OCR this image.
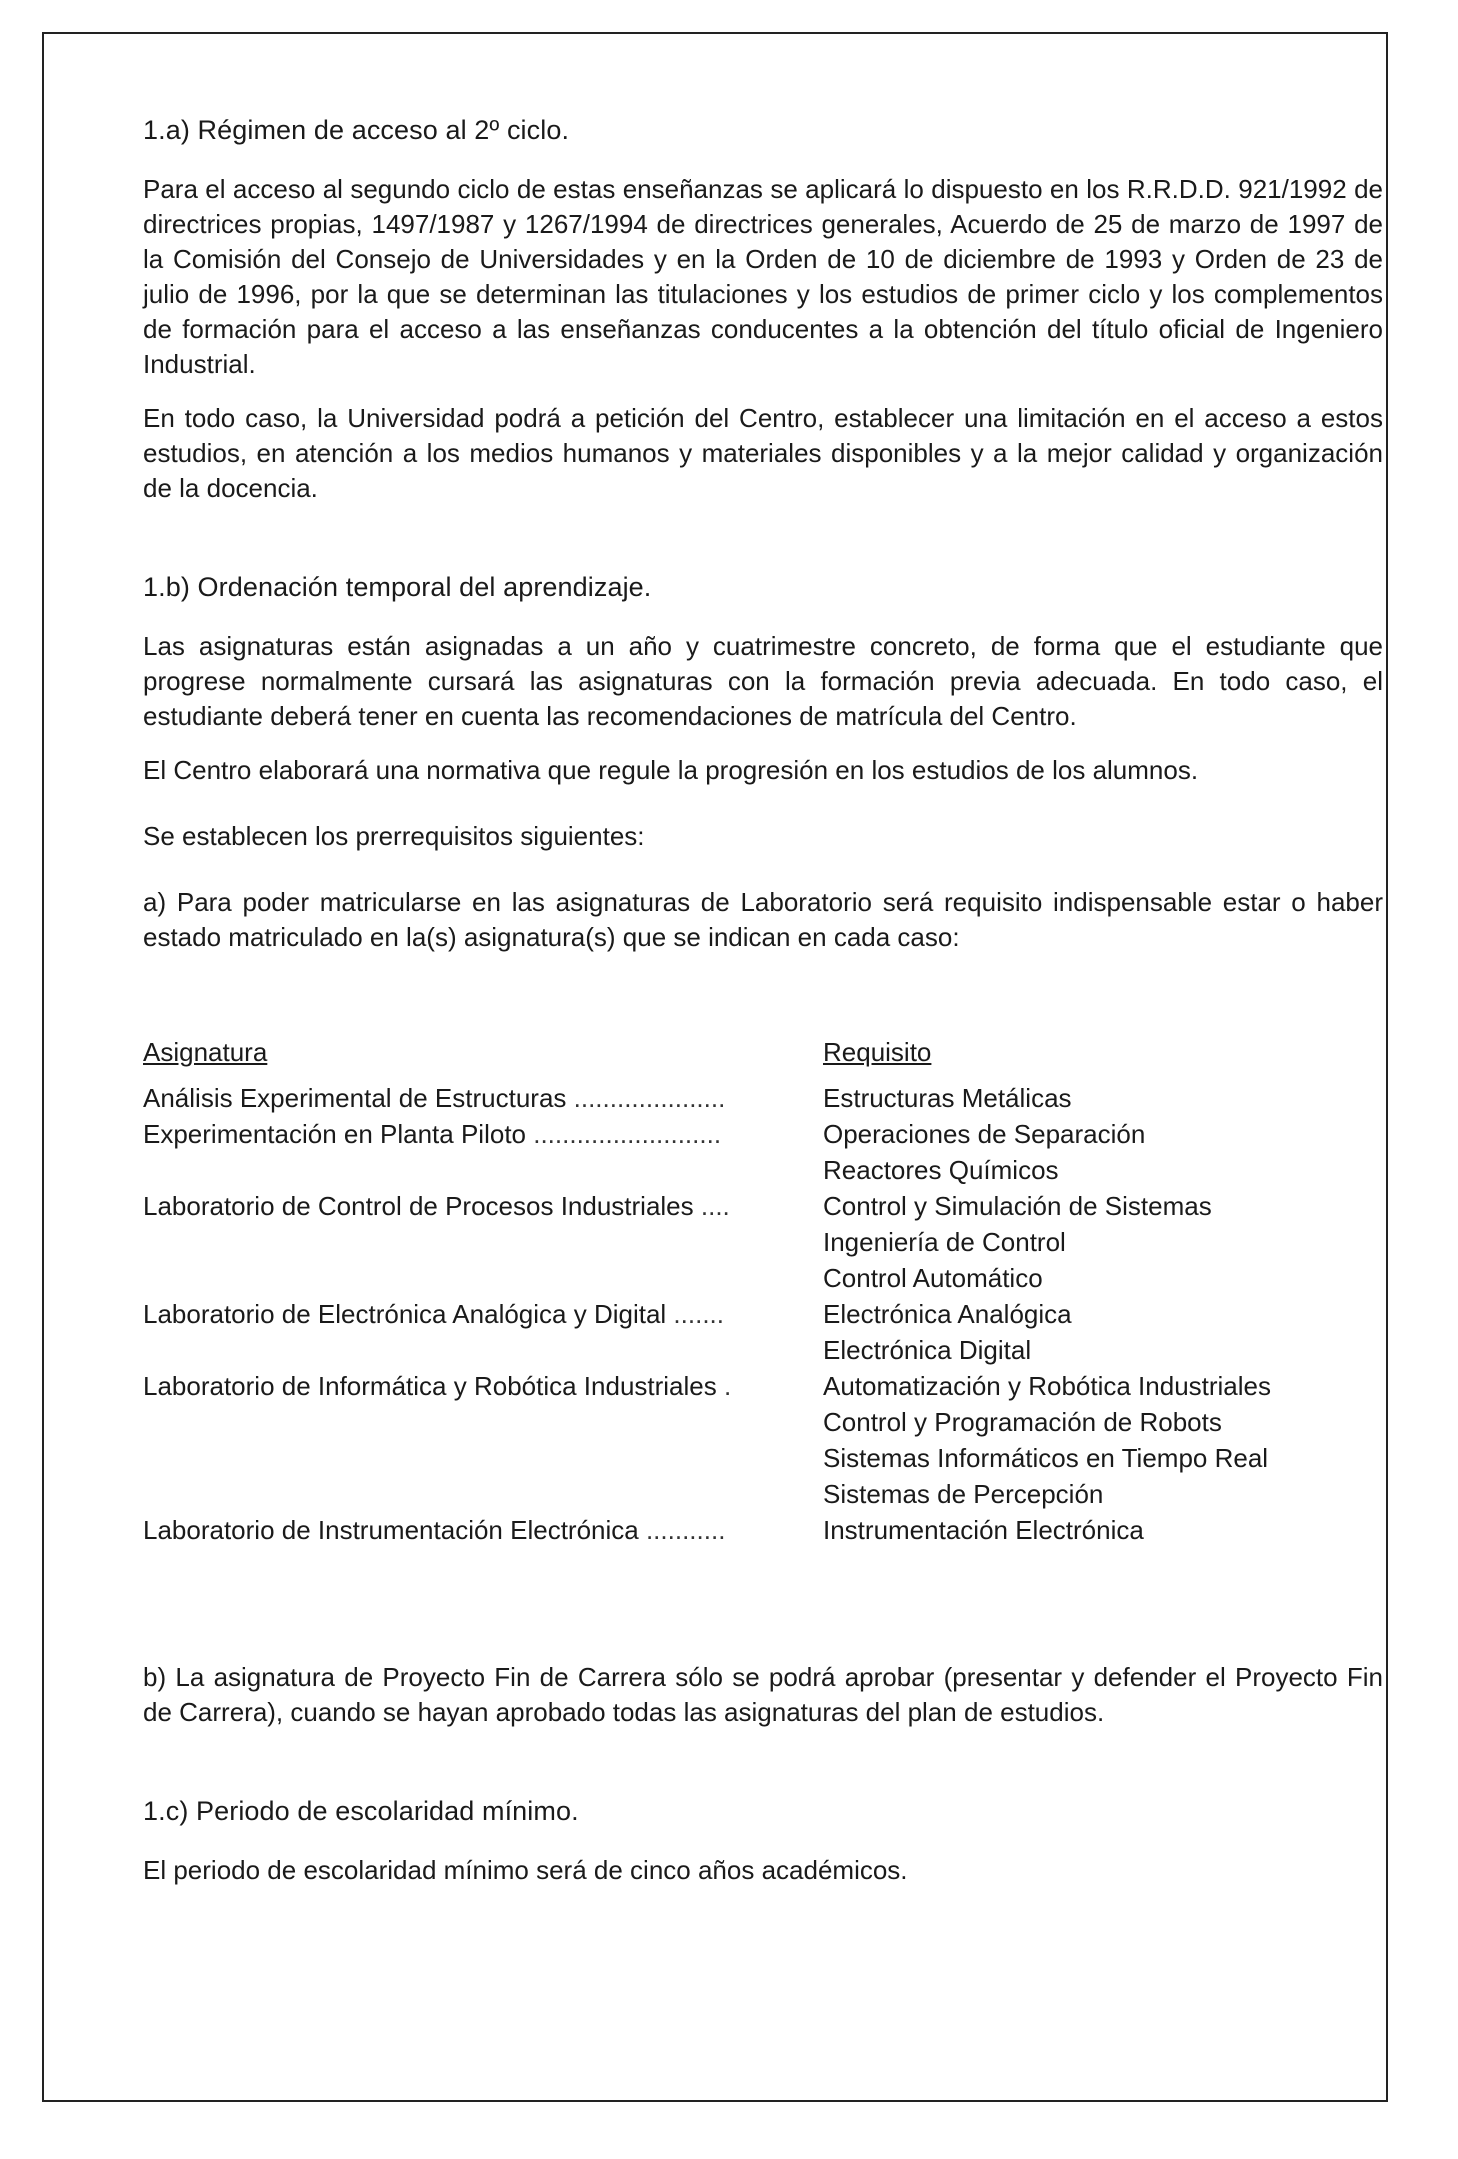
1.a) Régimen de acceso al 2º ciclo.

Para el acceso al segundo ciclo de estas enseñanzas se aplicará lo dispuesto en los R.R.D.D. 921/1992 de directrices propias, 1497/1987 y 1267/1994 de directrices generales, Acuerdo de 25 de marzo de 1997 de la Comisión del Consejo de Universidades y en la Orden de 10 de diciembre de 1993 y Orden de 23 de julio de 1996, por la que se determinan las titulaciones y los estudios de primer ciclo y los complementos de formación para el acceso a las enseñanzas conducentes a la obtención del título oficial de Ingeniero Industrial.

En todo caso, la Universidad podrá a petición del Centro, establecer una limitación en el acceso a estos estudios, en atención a los medios humanos y materiales disponibles y a la mejor calidad y organización de la docencia.

1.b) Ordenación temporal del aprendizaje.

Las asignaturas están asignadas a un año y cuatrimestre concreto, de forma que el estudiante que progrese normalmente cursará las asignaturas con la formación previa adecuada. En todo caso, el estudiante deberá tener en cuenta las recomendaciones de matrícula del Centro.

El Centro elaborará una normativa que regule la progresión en los estudios de los alumnos.

Se establecen los prerrequisitos siguientes:

a) Para poder matricularse en las asignaturas de Laboratorio será requisito indispensable estar o haber estado matriculado en la(s) asignatura(s) que se indican en cada caso:

Asignatura	Requisito
Análisis Experimental de Estructuras .....................	Estructuras Metálicas
Experimentación en Planta Piloto ..........................	Operaciones de Separación
Reactores Químicos
Laboratorio de Control de Procesos Industriales ....	Control y Simulación de Sistemas
Ingeniería de Control
Control Automático
Laboratorio de Electrónica Analógica y Digital .......	Electrónica Analógica
Electrónica Digital
Laboratorio de Informática y Robótica Industriales .	Automatización y Robótica Industriales
Control y Programación de Robots
Sistemas Informáticos en Tiempo Real
Sistemas de Percepción
Laboratorio de Instrumentación Electrónica ...........	Instrumentación Electrónica

b) La asignatura de Proyecto Fin de Carrera sólo se podrá aprobar (presentar y defender el Proyecto Fin de Carrera), cuando se hayan aprobado todas las asignaturas del plan de estudios.

1.c) Periodo de escolaridad mínimo.

El periodo de escolaridad mínimo será de cinco años académicos.
